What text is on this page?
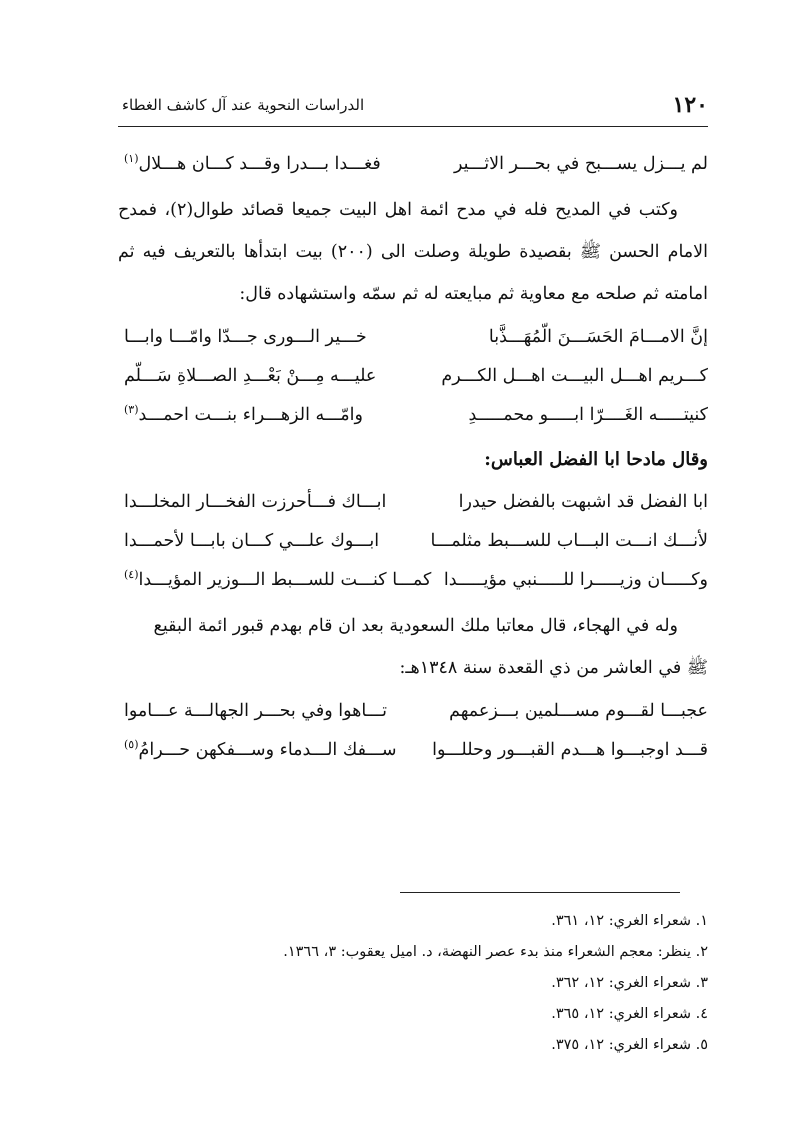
١٢٠
الدراسات النحوية عند آل كاشف الغطاء
لم يـــزل يســـبح في بحـــر الاثـــير
فغـــدا بـــدرا وقـــد كـــان هـــلال$^{(١)}$
وكتب في المديح فله في مدح ائمة اهل البيت جميعا قصائد طوال(٢)، فمدح الامام الحسن ﷺ بقصيدة طويلة وصلت الى (٢٠٠) بيت ابتدأها بالتعريف فيه ثم امامته ثم صلحه مع معاوية ثم مبايعته له ثم سمّه واستشهاده قال:
إنَّ الامـــامَ الحَسَـــنَ الّمُهَـــذَّبا
خـــير الـــورى جـــدّا وامّـــا وابـــا
كـــريم اهـــل البيـــت اهـــل الكـــرم
عليـــه مِـــنْ بَعْـــدِ الصـــلاةِ سَـــلّم
كنيتـــــه الغَــــرّا ابـــــو محمـــــدِ
وامّـــه الزهـــراء بنـــت احمـــد$^{(٣)}$
وقال مادحا ابا الفضل العباس:
ابا الفضل قد اشبهت بالفضل حيدرا
ابـــاك فـــأحرزت الفخـــار المخلـــدا
لأنـــك انـــت البـــاب للســـبط مثلمـــا
ابـــوك علـــي كـــان بابـــا لأحمـــدا
وكـــــان وزيـــــرا للـــــنبي مؤيـــــدا
كمـــا كنـــت للســـبط الـــوزير المؤيـــدا$^{(٤)}$
وله في الهجاء، قال معاتبا ملك السعودية بعد ان قام بهدم قبور ائمة البقيع
ﷺ في العاشر من ذي القعدة سنة ١٣٤٨هـ:
عجبـــا لقـــوم مســـلمين بـــزعمهم
تـــاهوا وفي بحـــر الجهالـــة عـــاموا
قـــد اوجبـــوا هـــدم القبـــور وحللـــوا
ســـفك الـــدماء وســـفكهن حـــرامُ$^{(٥)}$
١. شعراء الغري: ١٢، ٣٦١.
٢. ينظر: معجم الشعراء منذ بدء عصر النهضة، د. اميل يعقوب: ٣، ١٣٦٦.
٣. شعراء الغري: ١٢، ٣٦٢.
٤. شعراء الغري: ١٢، ٣٦٥.
٥. شعراء الغري: ١٢، ٣٧٥.
